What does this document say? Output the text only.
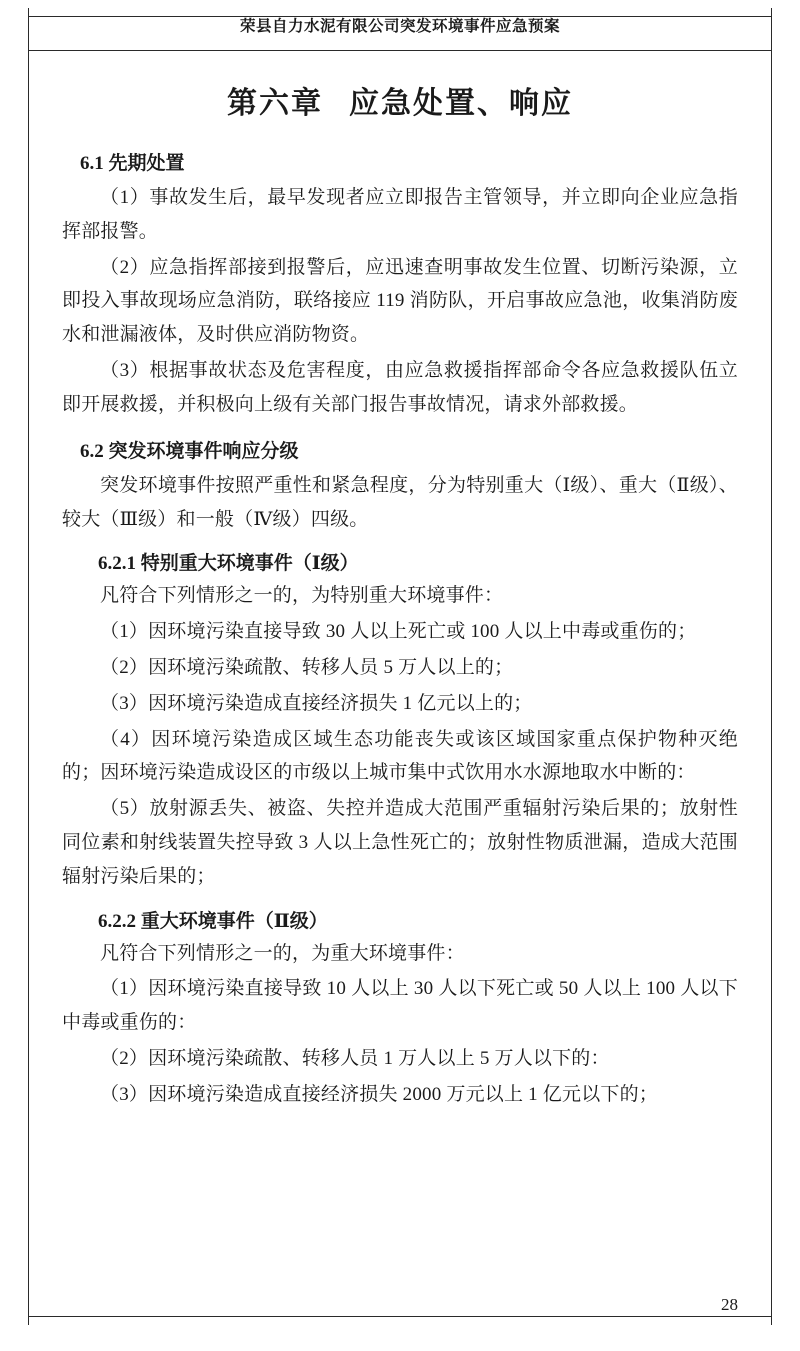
荣县自力水泥有限公司突发环境事件应急预案
第六章 应急处置、响应
6.1 先期处置

（1）事故发生后，最早发现者应立即报告主管领导，并立即向企业应急指挥部报警。

（2）应急指挥部接到报警后，应迅速查明事故发生位置、切断污染源，立即投入事故现场应急消防，联络接应 119 消防队，开启事故应急池，收集消防废水和泄漏液体，及时供应消防物资。

（3）根据事故状态及危害程度，由应急救援指挥部命令各应急救援队伍立即开展救援，并积极向上级有关部门报告事故情况，请求外部救援。

6.2 突发环境事件响应分级

突发环境事件按照严重性和紧急程度，分为特别重大（Ⅰ级）、重大（Ⅱ级）、较大（Ⅲ级）和一般（Ⅳ级）四级。

6.2.1 特别重大环境事件（Ⅰ级）

凡符合下列情形之一的，为特别重大环境事件：

（1）因环境污染直接导致 30 人以上死亡或 100 人以上中毒或重伤的；

（2）因环境污染疏散、转移人员 5 万人以上的；

（3）因环境污染造成直接经济损失 1 亿元以上的；

（4）因环境污染造成区域生态功能丧失或该区域国家重点保护物种灭绝的；因环境污染造成设区的市级以上城市集中式饮用水水源地取水中断的：

（5）放射源丢失、被盗、失控并造成大范围严重辐射污染后果的；放射性同位素和射线装置失控导致 3 人以上急性死亡的；放射性物质泄漏，造成大范围辐射污染后果的；

6.2.2 重大环境事件（Ⅱ级）

凡符合下列情形之一的，为重大环境事件：

（1）因环境污染直接导致 10 人以上 30 人以下死亡或 50 人以上 100 人以下中毒或重伤的：

（2）因环境污染疏散、转移人员 1 万人以上 5 万人以下的：

（3）因环境污染造成直接经济损失 2000 万元以上 1 亿元以下的；

28
